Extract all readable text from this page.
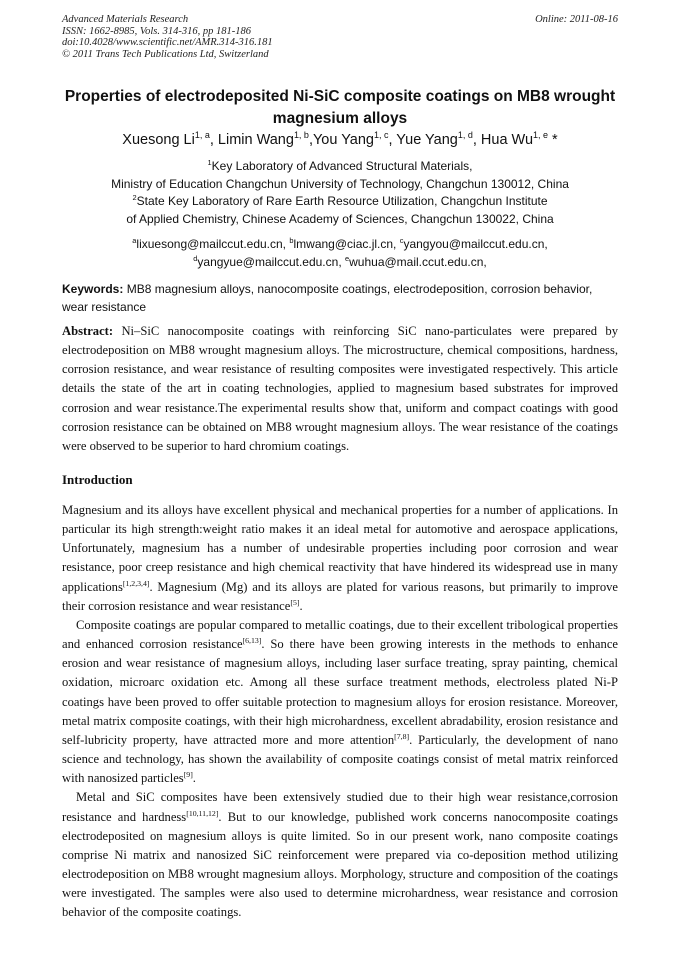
Advanced Materials Research
ISSN: 1662-8985, Vols. 314-316, pp 181-186
doi:10.4028/www.scientific.net/AMR.314-316.181
© 2011 Trans Tech Publications Ltd, Switzerland
Online: 2011-08-16
Properties of electrodeposited Ni-SiC composite coatings on MB8 wrought magnesium alloys
Xuesong Li$^{1, a}$, Limin Wang$^{1, b}$,You Yang$^{1, c}$, Yue Yang$^{1, d}$, Hua Wu$^{1, e}$ *
$^1$Key Laboratory of Advanced Structural Materials,
Ministry of Education Changchun University of Technology, Changchun 130012, China
$^2$State Key Laboratory of Rare Earth Resource Utilization, Changchun Institute
of Applied Chemistry, Chinese Academy of Sciences, Changchun 130022, China
$^a$lixuesong@mailccut.edu.cn, $^b$lmwang@ciac.jl.cn, $^c$yangyou@mailccut.edu.cn,
$^d$yangyue@mailccut.edu.cn, $^e$wuhua@mail.ccut.edu.cn,
Keywords: MB8 magnesium alloys, nanocomposite coatings, electrodeposition, corrosion behavior, wear resistance
Abstract: Ni–SiC nanocomposite coatings with reinforcing SiC nano-particulates were prepared by electrodeposition on MB8 wrought magnesium alloys. The microstructure, chemical compositions, hardness, corrosion resistance, and wear resistance of resulting composites were investigated respectively. This article details the state of the art in coating technologies, applied to magnesium based substrates for improved corrosion and wear resistance.The experimental results show that, uniform and compact coatings with good corrosion resistance can be obtained on MB8 wrought magnesium alloys. The wear resistance of the coatings were observed to be superior to hard chromium coatings.
Introduction

Magnesium and its alloys have excellent physical and mechanical properties for a number of applications. In particular its high strength:weight ratio makes it an ideal metal for automotive and aerospace applications, Unfortunately, magnesium has a number of undesirable properties including poor corrosion and wear resistance, poor creep resistance and high chemical reactivity that have hindered its widespread use in many applications[1,2,3,4]. Magnesium (Mg) and its alloys are plated for various reasons, but primarily to improve their corrosion resistance and wear resistance[5].

Composite coatings are popular compared to metallic coatings, due to their excellent tribological properties and enhanced corrosion resistance[6,13]. So there have been growing interests in the methods to enhance erosion and wear resistance of magnesium alloys, including laser surface treating, spray painting, chemical oxidation, microarc oxidation etc. Among all these surface treatment methods, electroless plated Ni-P coatings have been proved to offer suitable protection to magnesium alloys for erosion resistance. Moreover, metal matrix composite coatings, with their high microhardness, excellent abradability, erosion resistance and self-lubricity property, have attracted more and more attention[7,8]. Particularly, the development of nano science and technology, has shown the availability of composite coatings consist of metal matrix reinforced with nanosized particles[9].

Metal and SiC composites have been extensively studied due to their high wear resistance,corrosion resistance and hardness[10,11,12]. But to our knowledge, published work concerns nanocomposite coatings electrodeposited on magnesium alloys is quite limited. So in our present work, nano composite coatings comprise Ni matrix and nanosized SiC reinforcement were prepared via co-deposition method utilizing electrodeposition on MB8 wrought magnesium alloys. Morphology, structure and composition of the coatings were investigated. The samples were also used to determine microhardness, wear resistance and corrosion behavior of the composite coatings.
